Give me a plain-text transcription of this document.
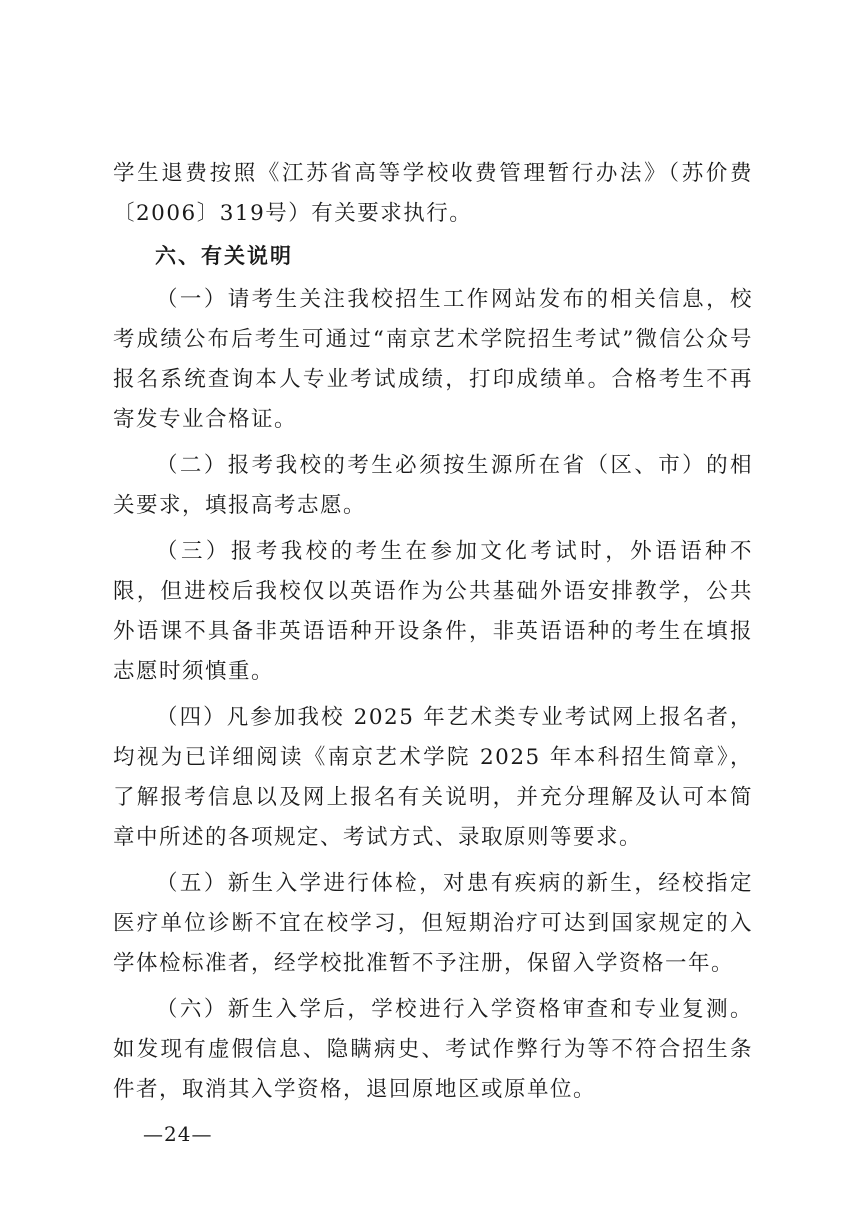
学生退费按照《江苏省高等学校收费管理暂行办法》（苏价费〔2006〕319号）有关要求执行。

六、有关说明

（一）请考生关注我校招生工作网站发布的相关信息，校考成绩公布后考生可通过“南京艺术学院招生考试”微信公众号报名系统查询本人专业考试成绩，打印成绩单。合格考生不再寄发专业合格证。

（二）报考我校的考生必须按生源所在省（区、市）的相关要求，填报高考志愿。

（三）报考我校的考生在参加文化考试时，外语语种不限，但进校后我校仅以英语作为公共基础外语安排教学，公共外语课不具备非英语语种开设条件，非英语语种的考生在填报志愿时须慎重。

（四）凡参加我校 2025 年艺术类专业考试网上报名者，均视为已详细阅读《南京艺术学院 2025 年本科招生简章》，了解报考信息以及网上报名有关说明，并充分理解及认可本简章中所述的各项规定、考试方式、录取原则等要求。

（五）新生入学进行体检，对患有疾病的新生，经校指定医疗单位诊断不宜在校学习，但短期治疗可达到国家规定的入学体检标准者，经学校批准暂不予注册，保留入学资格一年。

（六）新生入学后，学校进行入学资格审查和专业复测。如发现有虚假信息、隐瞒病史、考试作弊行为等不符合招生条件者，取消其入学资格，退回原地区或原单位。

—24—
